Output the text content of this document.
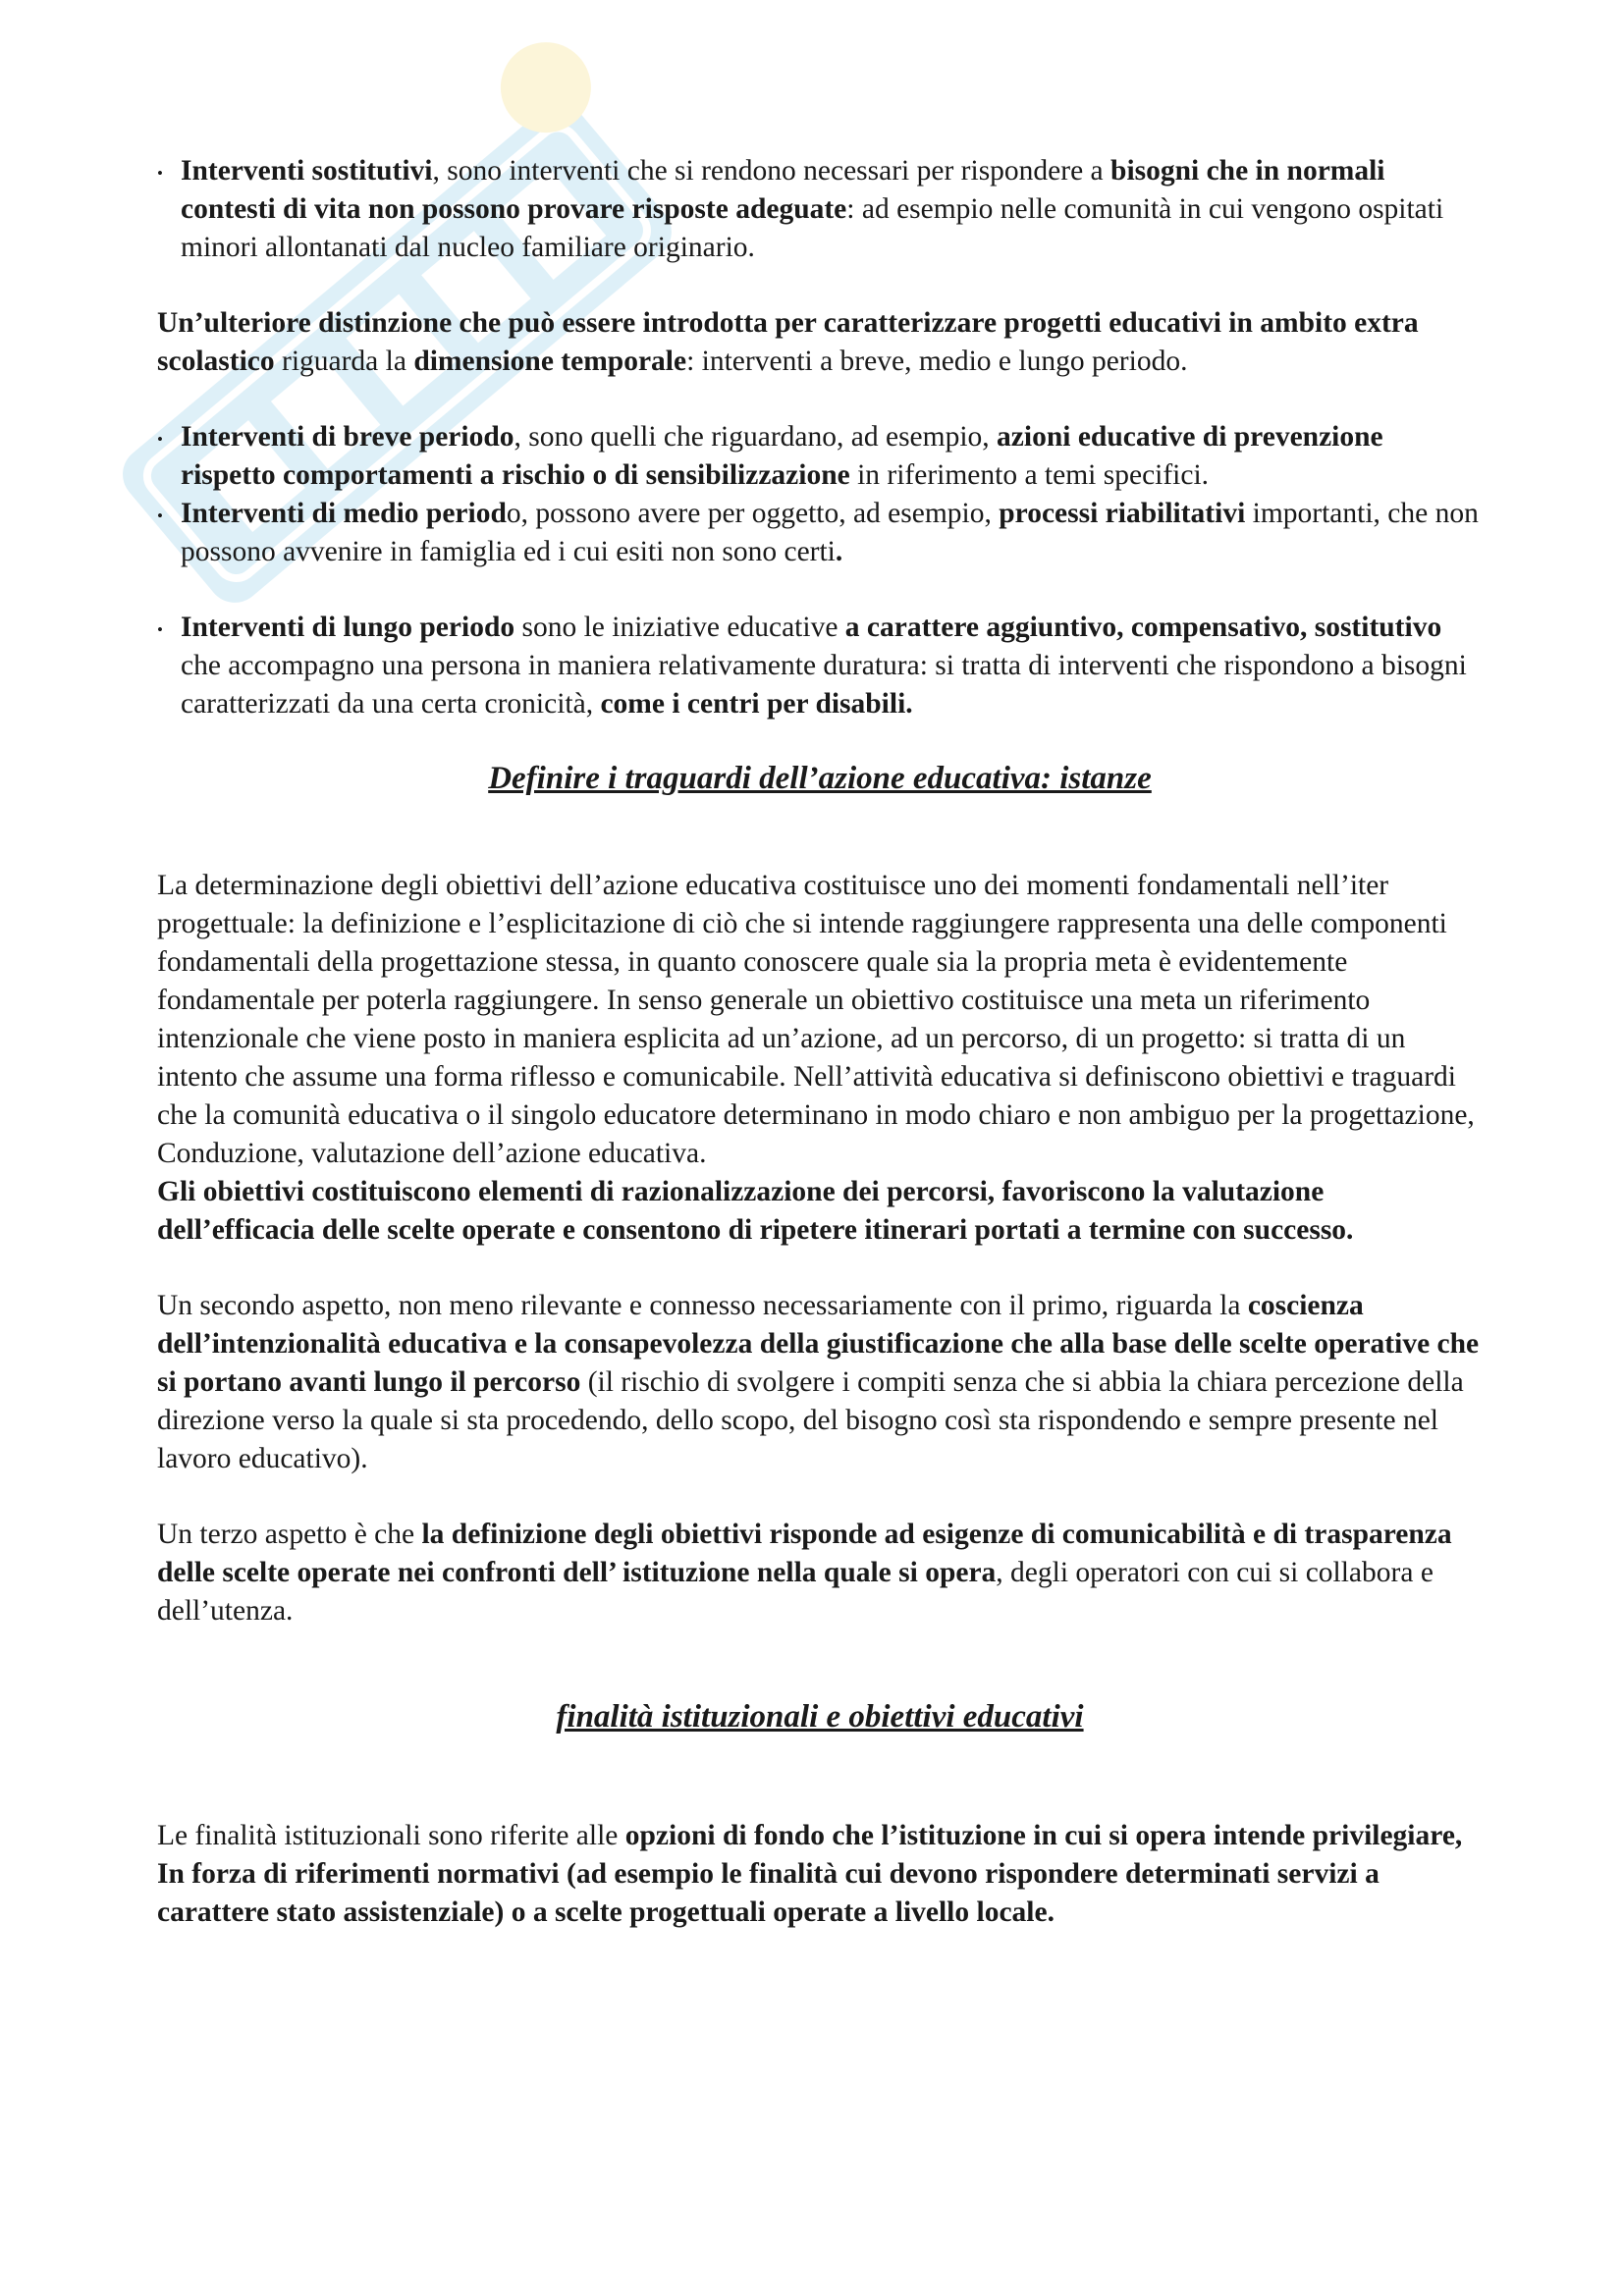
• Interventi sostitutivi, sono interventi che si rendono necessari per rispondere a bisogni che in normali contesti di vita non possono provare risposte adeguate: ad esempio nelle comunità in cui vengono ospitati minori allontanati dal nucleo familiare originario.

Un’ulteriore distinzione che può essere introdotta per caratterizzare progetti educativi in ambito extra scolastico riguarda la dimensione temporale: interventi a breve, medio e lungo periodo.

• Interventi di breve periodo, sono quelli che riguardano, ad esempio, azioni educative di prevenzione rispetto comportamenti a rischio o di sensibilizzazione in riferimento a temi specifici.
• Interventi di medio periodo, possono avere per oggetto, ad esempio, processi riabilitativi importanti, che non possono avvenire in famiglia ed i cui esiti non sono certi.
• Interventi di lungo periodo sono le iniziative educative a carattere aggiuntivo, compensativo, sostitutivo che accompagno una persona in maniera relativamente duratura: si tratta di interventi che rispondono a bisogni caratterizzati da una certa cronicità, come i centri per disabili.

Definire i traguardi dell’azione educativa: istanze

La determinazione degli obiettivi dell’azione educativa costituisce uno dei momenti fondamentali nell’iter progettuale: la definizione e l’esplicitazione di ciò che si intende raggiungere rappresenta una delle componenti fondamentali della progettazione stessa, in quanto conoscere quale sia la propria meta è evidentemente fondamentale per poterla raggiungere. In senso generale un obiettivo costituisce una meta un riferimento intenzionale che viene posto in maniera esplicita ad un’azione, ad un percorso, di un progetto: si tratta di un intento che assume una forma riflesso e comunicabile. Nell’attività educativa si definiscono obiettivi e traguardi che la comunità educativa o il singolo educatore determinano in modo chiaro e non ambiguo per la progettazione, Conduzione, valutazione dell’azione educativa.

Gli obiettivi costituiscono elementi di razionalizzazione dei percorsi, favoriscono la valutazione dell’efficacia delle scelte operate e consentono di ripetere itinerari portati a termine con successo.

Un secondo aspetto, non meno rilevante e connesso necessariamente con il primo, riguarda la coscienza dell’intenzionalità educativa e la consapevolezza della giustificazione che alla base delle scelte operative che si portano avanti lungo il percorso (il rischio di svolgere i compiti senza che si abbia la chiara percezione della direzione verso la quale si sta procedendo, dello scopo, del bisogno così sta rispondendo e sempre presente nel lavoro educativo).

Un terzo aspetto è che la definizione degli obiettivi risponde ad esigenze di comunicabilità e di trasparenza delle scelte operate nei confronti dell’ istituzione nella quale si opera, degli operatori con cui si collabora e dell’utenza.

finalità istituzionali e obiettivi educativi

Le finalità istituzionali sono riferite alle opzioni di fondo che l’istituzione in cui si opera intende privilegiare, In forza di riferimenti normativi (ad esempio le finalità cui devono rispondere determinati servizi a carattere stato assistenziale) o a scelte progettuali operate a livello locale.
